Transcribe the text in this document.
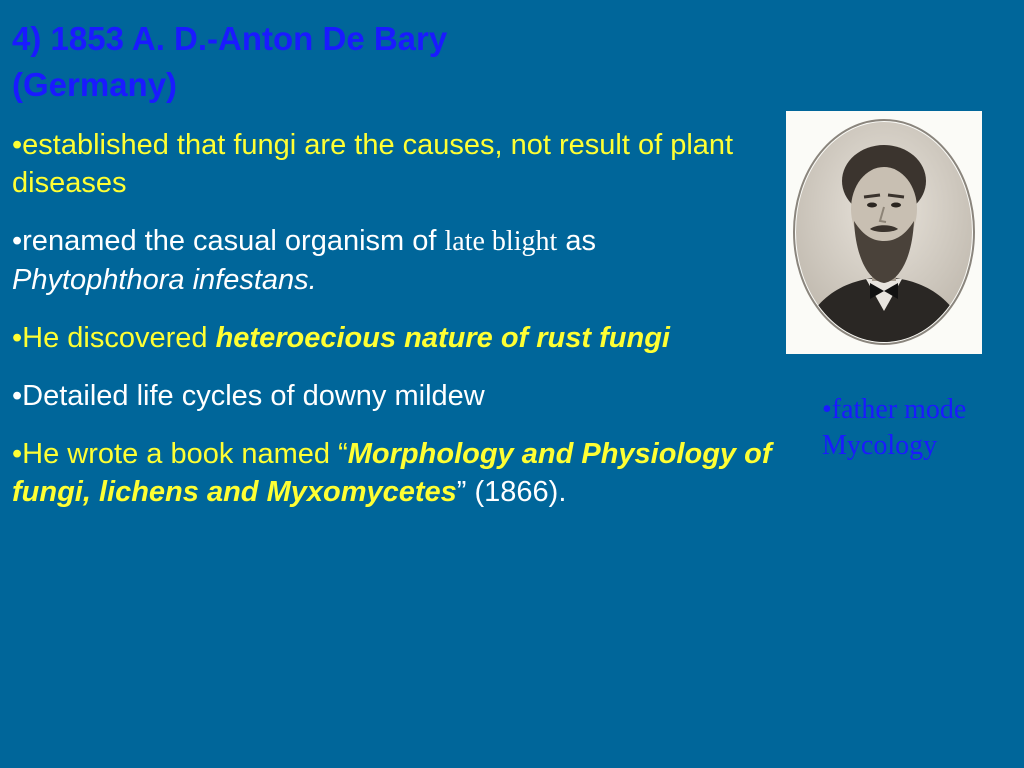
4) 1853 A. D.-Anton De Bary
(Germany)

•established that fungi are the causes, not result of plant diseases

•renamed the casual organism of late blight as Phytophthora infestans.

•He discovered heteroecious nature of rust fungi

•Detailed life cycles of downy mildew

•He wrote a book named “Morphology and Physiology of fungi, lichens and Myxomycetes” (1866).

•father mode
Mycology
